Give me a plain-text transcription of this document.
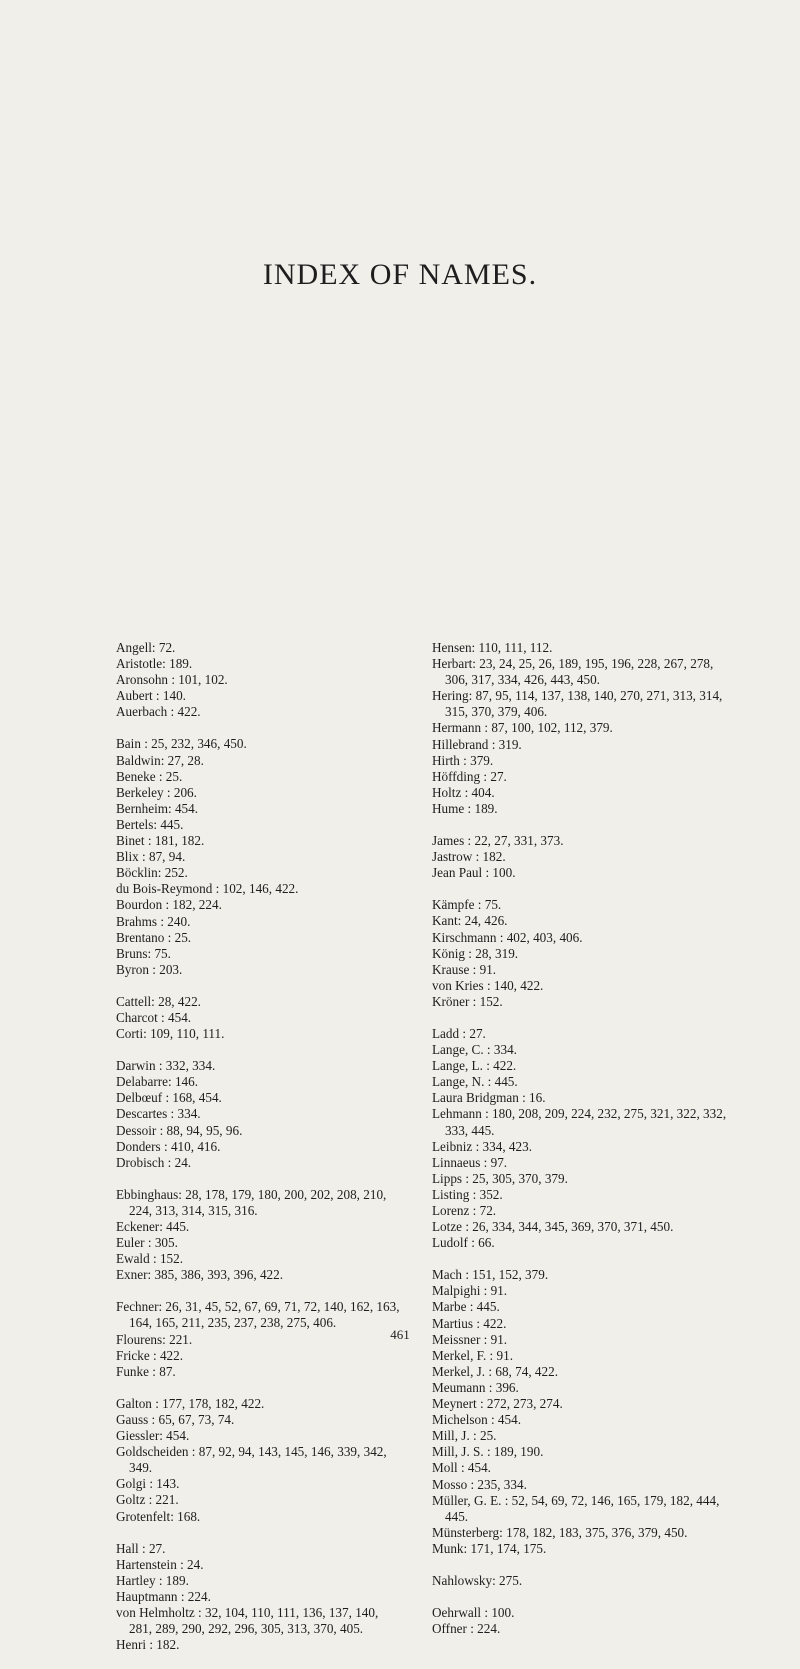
INDEX OF NAMES.
Angell: 72.
Aristotle: 189.
Aronsohn : 101, 102.
Aubert : 140.
Auerbach : 422.
Bain : 25, 232, 346, 450.
Baldwin: 27, 28.
Beneke : 25.
Berkeley : 206.
Bernheim: 454.
Bertels: 445.
Binet : 181, 182.
Blix : 87, 94.
Böcklin: 252.
du Bois-Reymond : 102, 146, 422.
Bourdon : 182, 224.
Brahms : 240.
Brentano : 25.
Bruns: 75.
Byron : 203.
Cattell: 28, 422.
Charcot : 454.
Corti: 109, 110, 111.
Darwin : 332, 334.
Delabarre: 146.
Delbœuf : 168, 454.
Descartes : 334.
Dessoir : 88, 94, 95, 96.
Donders : 410, 416.
Drobisch : 24.
Ebbinghaus: 28, 178, 179, 180, 200, 202, 208, 210, 224, 313, 314, 315, 316.
Eckener: 445.
Euler : 305.
Ewald : 152.
Exner: 385, 386, 393, 396, 422.
Fechner: 26, 31, 45, 52, 67, 69, 71, 72, 140, 162, 163, 164, 165, 211, 235, 237, 238, 275, 406.
Flourens: 221.
Fricke : 422.
Funke : 87.
Galton : 177, 178, 182, 422.
Gauss : 65, 67, 73, 74.
Giessler: 454.
Goldscheiden : 87, 92, 94, 143, 145, 146, 339, 342, 349.
Golgi : 143.
Goltz : 221.
Grotenfelt: 168.
Hall : 27.
Hartenstein : 24.
Hartley : 189.
Hauptmann : 224.
von Helmholtz : 32, 104, 110, 111, 136, 137, 140, 281, 289, 290, 292, 296, 305, 313, 370, 405.
Henri : 182.
Hensen: 110, 111, 112.
Herbart: 23, 24, 25, 26, 189, 195, 196, 228, 267, 278, 306, 317, 334, 426, 443, 450.
Hering: 87, 95, 114, 137, 138, 140, 270, 271, 313, 314, 315, 370, 379, 406.
Hermann : 87, 100, 102, 112, 379.
Hillebrand : 319.
Hirth : 379.
Höffding : 27.
Holtz : 404.
Hume : 189.
James : 22, 27, 331, 373.
Jastrow : 182.
Jean Paul : 100.
Kämpfe : 75.
Kant: 24, 426.
Kirschmann : 402, 403, 406.
König : 28, 319.
Krause : 91.
von Kries : 140, 422.
Kröner : 152.
Ladd : 27.
Lange, C. : 334.
Lange, L. : 422.
Lange, N. : 445.
Laura Bridgman : 16.
Lehmann : 180, 208, 209, 224, 232, 275, 321, 322, 332, 333, 445.
Leibniz : 334, 423.
Linnaeus : 97.
Lipps : 25, 305, 370, 379.
Listing : 352.
Lorenz : 72.
Lotze : 26, 334, 344, 345, 369, 370, 371, 450.
Ludolf : 66.
Mach : 151, 152, 379.
Malpighi : 91.
Marbe : 445.
Martius : 422.
Meissner : 91.
Merkel, F. : 91.
Merkel, J. : 68, 74, 422.
Meumann : 396.
Meynert : 272, 273, 274.
Michelson : 454.
Mill, J. : 25.
Mill, J. S. : 189, 190.
Moll : 454.
Mosso : 235, 334.
Müller, G. E. : 52, 54, 69, 72, 146, 165, 179, 182, 444, 445.
Münsterberg: 178, 182, 183, 375, 376, 379, 450.
Munk: 171, 174, 175.
Nahlowsky: 275.
Oehrwall : 100.
Offner : 224.
461
